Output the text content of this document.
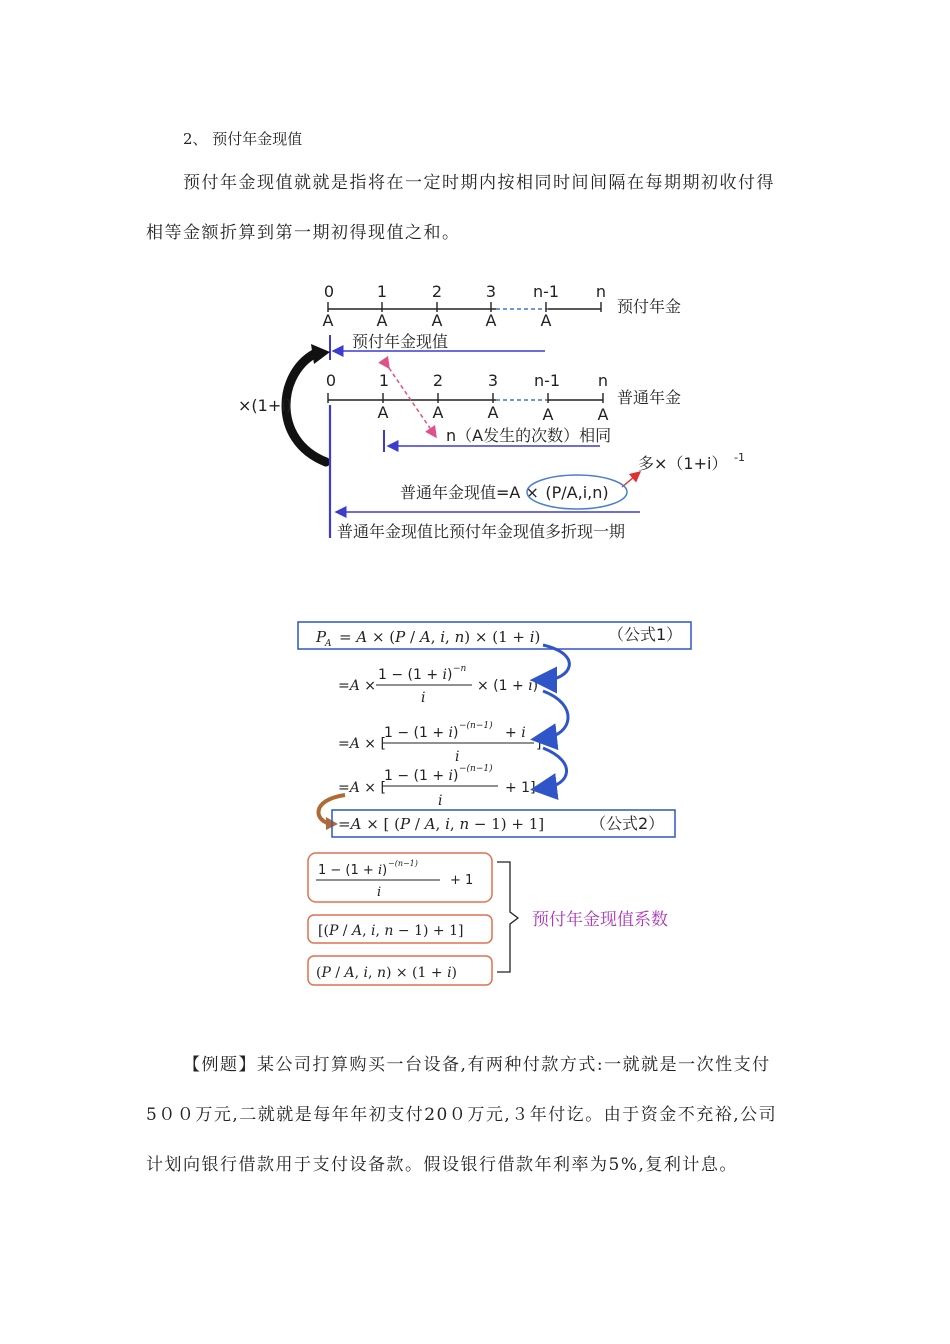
2、 预付年金现值
预付年金现值就就是指将在一定时期内按相同时间间隔在每期期初收付得
相等金额折算到第一期初得现值之和。
0	1	2	3 n-1 n
A	A	A	A	A
预付年金
预付年金现值
0	1	2	3 n-1 n
A	A	A	A	A
普通年金
×(1+i)
n（A发生的次数）相同
多×（1+i） -1
普通年金现值=A × (P/A,i,n)
普通年金现值比预付年金现值多折现一期
P
A = A × (P / A, i, n) × (1 + i)	（公式1）
=A ×
1 − (1 + i) −n
i
× (1 + i)
=A × [
1 − (1 + i) −(n−1) + i
i
]
=A × [
1 − (1 + i) −(n−1)
i
+ 1]
=A × [ (P / A, i, n − 1) + 1]	（公式2）
1 − (1 + i) −(n−1)
i
+ 1
[(P / A, i, n − 1) + 1]
(P / A, i, n) × (1 + i)
预付年金现值系数
【例题】某公司打算购买一台设备,有两种付款方式:一就就是一次性支付
5００万元,二就就是每年年初支付20０万元,３年付讫。由于资金不充裕,公司
计划向银行借款用于支付设备款。假设银行借款年利率为5%,复利计息。
